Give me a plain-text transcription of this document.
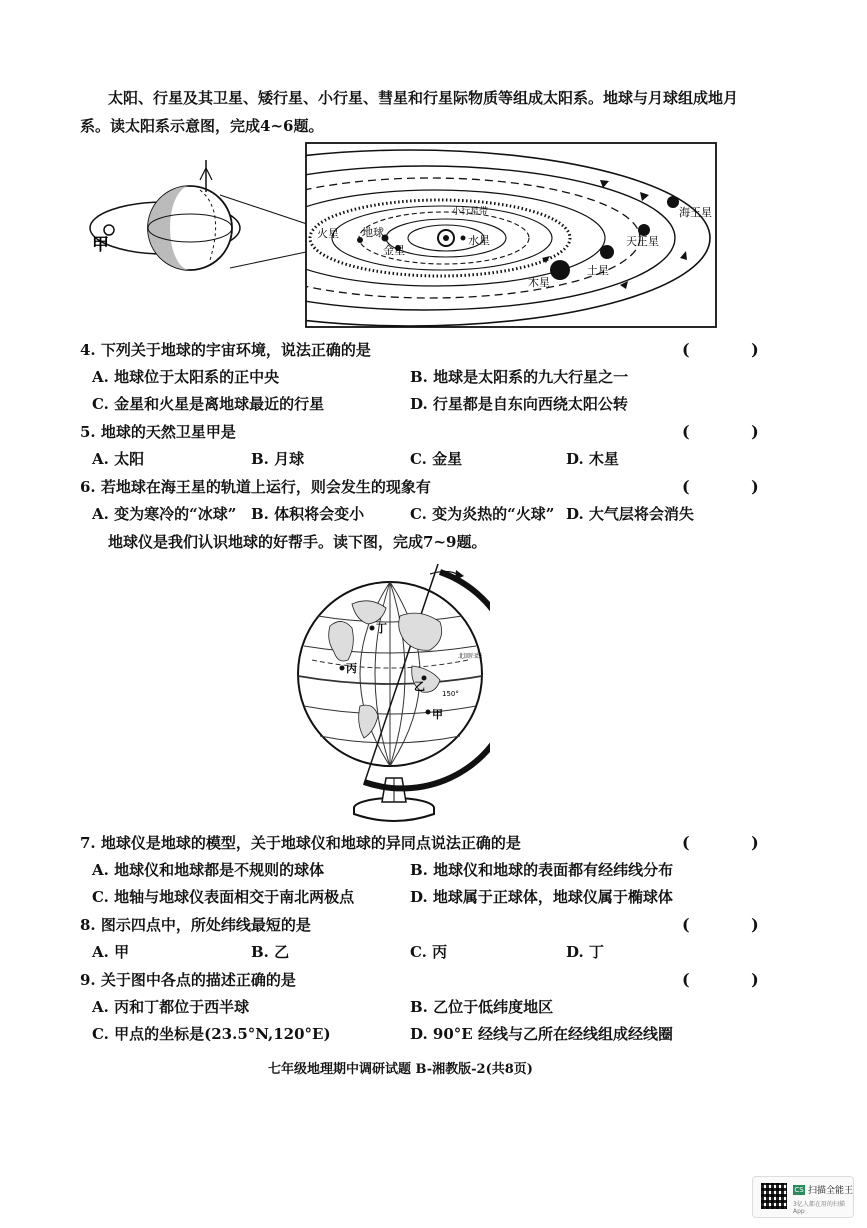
太阳、行星及其卫星、矮行星、小行星、彗星和行星际物质等组成太阳系。地球与月球组成地月
系。读太阳系示意图，完成4~6题。
甲	水星
金星
地球
火星
木星
土星
天王星
海王星
小行星带
4. 下列关于地球的宇宙环境，说法正确的是	( )
A. 地球位于太阳系的正中央	B. 地球是太阳系的九大行星之一
C. 金星和火星是离地球最近的行星	D. 行星都是自东向西绕太阳公转
5. 地球的天然卫星甲是	( )
A. 太阳	B. 月球	C. 金星	D. 木星
6. 若地球在海王星的轨道上运行，则会发生的现象有	( )
A. 变为寒冷的“冰球” B. 体积将会变小	C. 变为炎热的“火球” D. 大气层将会消失
地球仪是我们认识地球的好帮手。读下图，完成7~9题。
丁
丙
乙
甲
150°
北回归线
7. 地球仪是地球的模型，关于地球仪和地球的异同点说法正确的是	( )
A. 地球仪和地球都是不规则的球体	B. 地球仪和地球的表面都有经纬线分布
C. 地轴与地球仪表面相交于南北两极点	D. 地球属于正球体，地球仪属于椭球体
8. 图示四点中，所处纬线最短的是	( )
A. 甲	B. 乙	C. 丙	D. 丁
9. 关于图中各点的描述正确的是	( )
A. 丙和丁都位于西半球	B. 乙位于低纬度地区
C. 甲点的坐标是(23.5°N,120°E)	D. 90°E 经线与乙所在经线组成经线圈
七年级地理期中调研试题 B-湘教版-2(共8页)
CS 扫描全能王
3亿人都在用的扫描App
